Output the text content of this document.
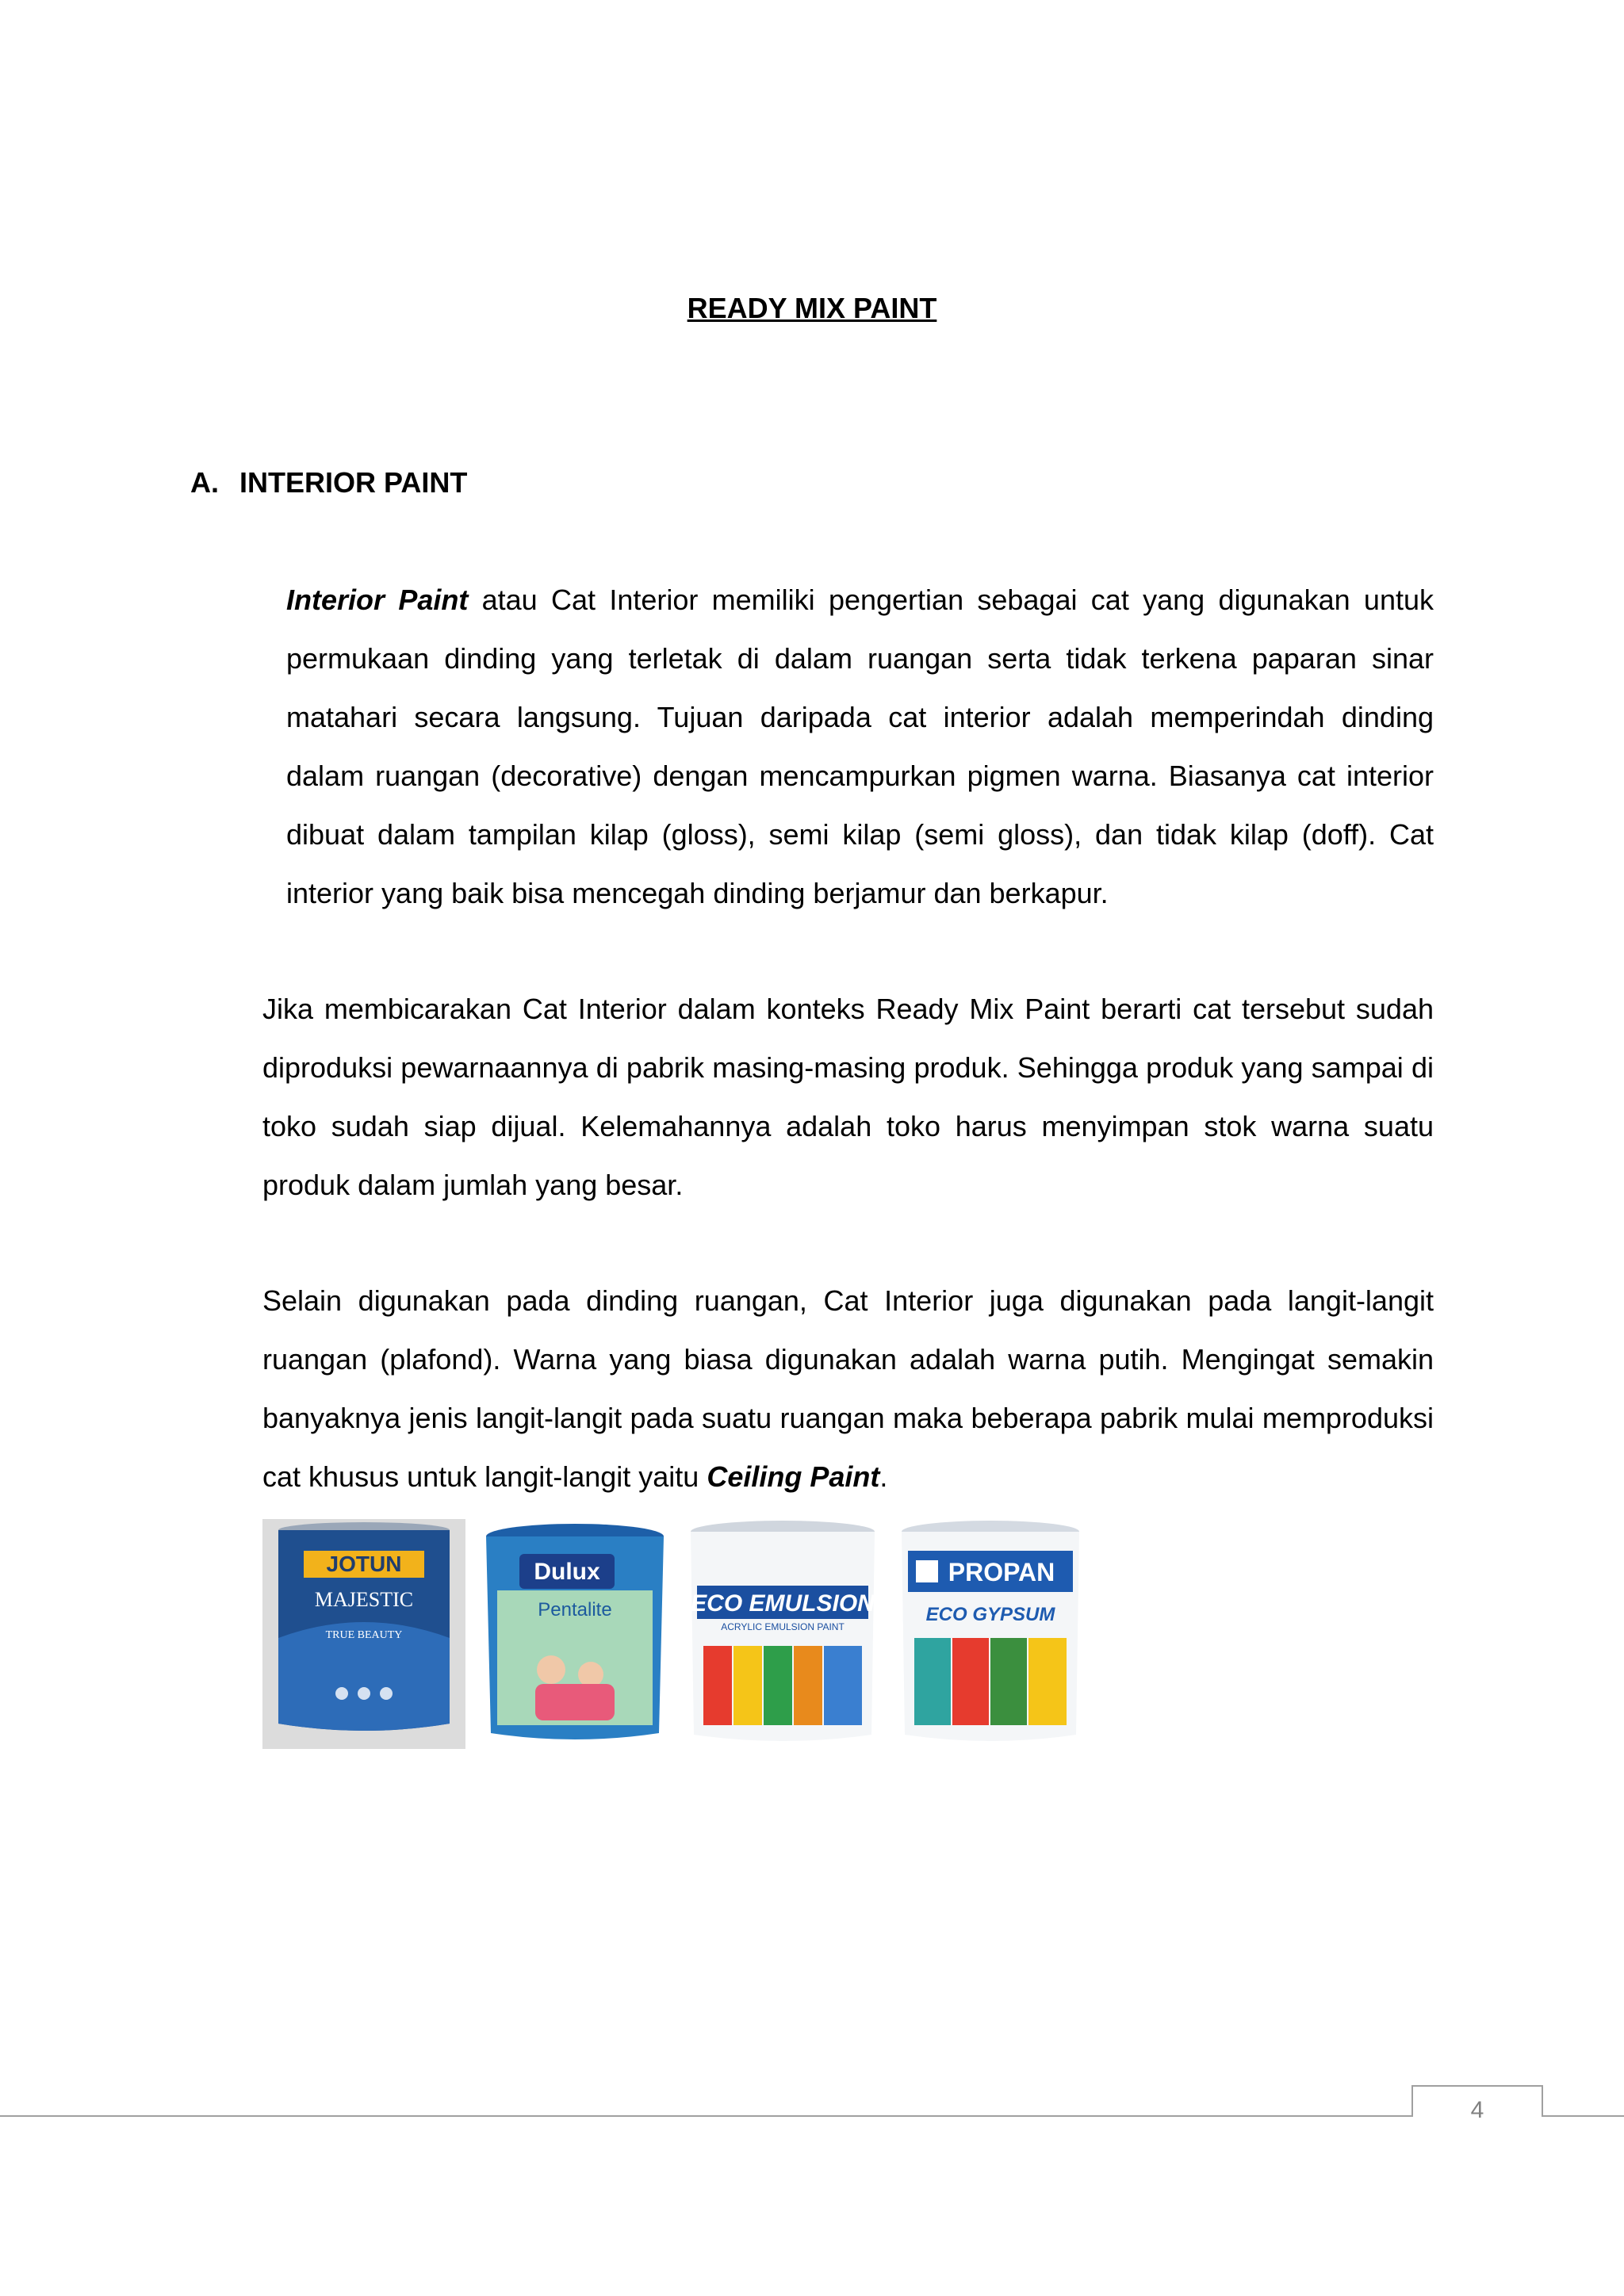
READY MIX PAINT
A. INTERIOR PAINT

Interior Paint atau Cat Interior memiliki pengertian sebagai cat yang digunakan untuk permukaan dinding yang terletak di dalam ruangan serta tidak terkena paparan sinar matahari secara langsung. Tujuan daripada cat interior adalah memperindah dinding dalam ruangan (decorative) dengan mencampurkan pigmen warna. Biasanya cat interior dibuat dalam tampilan kilap (gloss), semi kilap (semi gloss), dan tidak kilap (doff). Cat interior yang baik bisa mencegah dinding berjamur dan berkapur.

Jika membicarakan Cat Interior dalam konteks Ready Mix Paint berarti cat tersebut sudah diproduksi pewarnaannya di pabrik masing-masing produk. Sehingga produk yang sampai di toko sudah siap dijual. Kelemahannya adalah toko harus menyimpan stok warna suatu produk dalam jumlah yang besar.

Selain digunakan pada dinding ruangan, Cat Interior juga digunakan pada langit-langit ruangan (plafond). Warna yang biasa digunakan adalah warna putih. Mengingat semakin banyaknya jenis langit-langit pada suatu ruangan maka beberapa pabrik mulai memproduksi cat khusus untuk langit-langit yaitu Ceiling Paint.

JOTUN
MAJESTIC
TRUE BEAUTY
Dulux
Pentalite	ECO EMULSION
ACRYLIC EMULSION PAINT
PROPAN
ECO GYPSUM
4
